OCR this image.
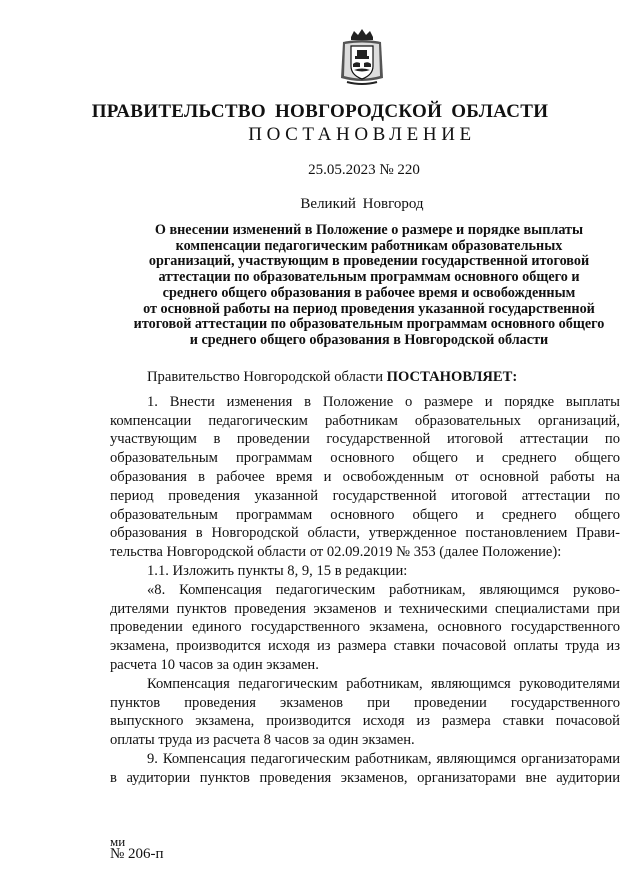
ПРАВИТЕЛЬСТВО НОВГОРОДСКОЙ ОБЛАСТИ
ПОСТАНОВЛЕНИЕ
25.05.2023 № 220
Великий Новгород
О внесении изменений в Положение о размере и порядке выплаты
компенсации педагогическим работникам образовательных
организаций, участвующим в проведении государственной итоговой
аттестации по образовательным программам основного общего и
среднего общего образования в рабочее время и освобожденным
от основной работы на период проведения указанной государственной
итоговой аттестации по образовательным программам основного общего
и среднего общего образования в Новгородской области
Правительство Новгородской области ПОСТАНОВЛЯЕТ:
1. Внести изменения в Положение о размере и порядке выплаты
компенсации педагогическим работникам образовательных организаций,
участвующим в проведении государственной итоговой аттестации по
образовательным программам основного общего и среднего общего
образования в рабочее время и освобожденным от основной работы на
период проведения указанной государственной итоговой аттестации по
образовательным программам основного общего и среднего общего
образования в Новгородской области, утвержденное постановлением Прави-
тельства Новгородской области от 02.09.2019 № 353 (далее Положение):
1.1. Изложить пункты 8, 9, 15 в редакции:
«8. Компенсация педагогическим работникам, являющимся руково-
дителями пунктов проведения экзаменов и техническими специалистами при
проведении единого государственного экзамена, основного государственного
экзамена, производится исходя из размера ставки почасовой оплаты труда из
расчета 10 часов за один экзамен.
Компенсация педагогическим работникам, являющимся руководителями
пунктов проведения экзаменов при проведении государственного
выпускного экзамена, производится исходя из размера ставки почасовой
оплаты труда из расчета 8 часов за один экзамен.
9. Компенсация педагогическим работникам, являющимся организаторами
в аудитории пунктов проведения экзаменов, организаторами вне аудитории
ми
№ 206-п
